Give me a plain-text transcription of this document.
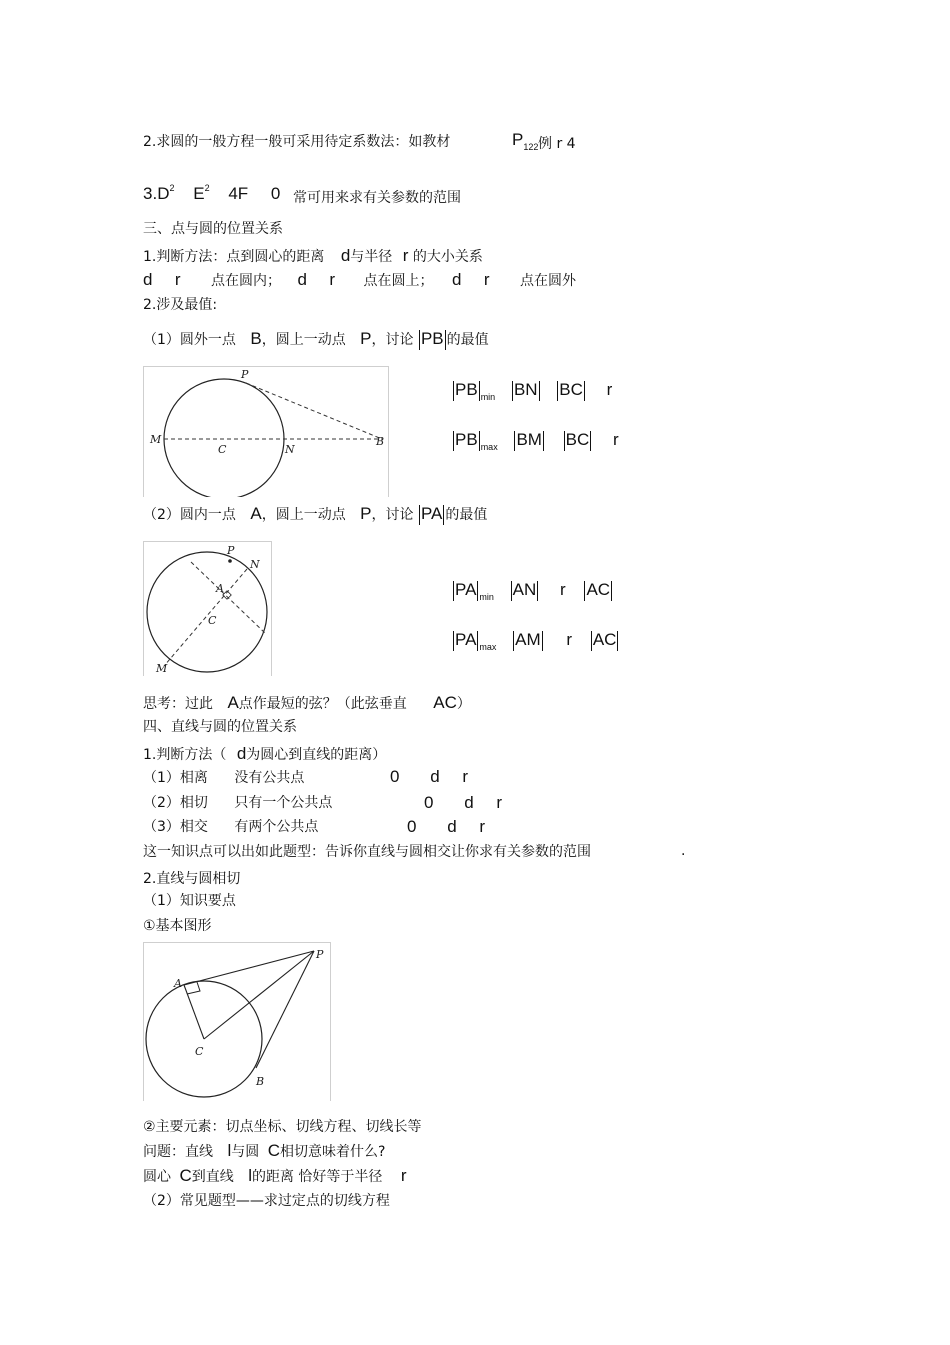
2.求圆的一般方程一般可采用待定系数法：如教材	$P_{122}$ 例 r 4
$3.D^2$ $E^2$ 4F 0 常可用来求有关参数的范围
三、点与圆的位置关系
1.判断方法：点到圆心的距离 d与半径 r 的大小关系
d r 点在圆内； d r 点在圆上； d r 点在圆外
2.涉及最值:
（1）圆外一点 B，圆上一动点 P，讨论 PB 的最值
P
M
C	N
B
PB $_{min}$ BN BC r
PB $_{max}$ BM BC r
（2）圆内一点 A，圆上一动点 P，讨论 PA 的最值
P
N
A
C
M
PA $_{min}$ AN r AC
PA $_{max}$ AM r AC
思考：过此 A点作最短的弦？（此弦垂直 AC）
四、直线与圆的位置关系
1.判断方法（ d为圆心到直线的距离）
（1）相离 没有公共点	0 d r
（2）相切 只有一个公共点	0 d r
（3）相交 有两个公共点	0 d r
这一知识点可以出如此题型：告诉你直线与圆相交让你求有关参数的范围	.
2.直线与圆相切
（1）知识要点
①基本图形
P
A
C
B
②主要元素：切点坐标、切线方程、切线长等
问题：直线 l与圆 C相切意味着什么?
圆心 C到直线 l的距离 恰好等于半径 r
（2）常见题型——求过定点的切线方程
